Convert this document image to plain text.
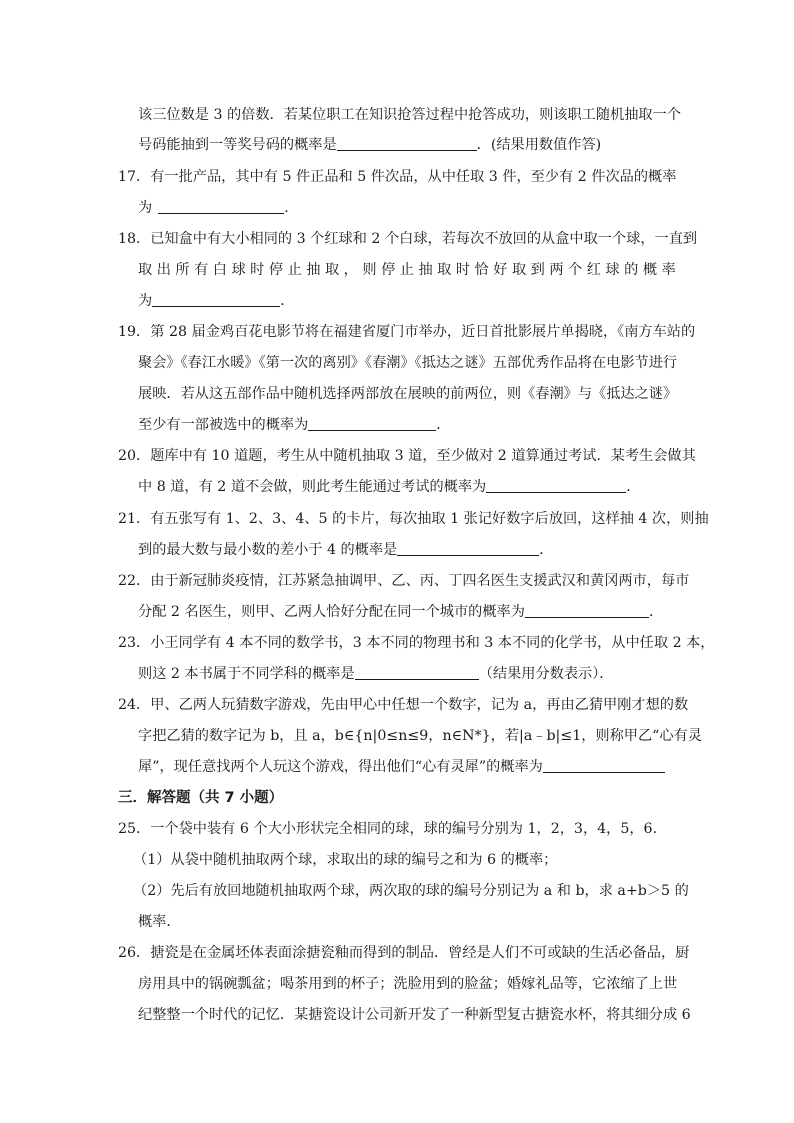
该三位数是 3 的倍数．若某位职工在知识抢答过程中抢答成功，则该职工随机抽取一个
号码能抽到一等奖号码的概率是	．(结果用数值作答)
17．有一批产品，其中有 5 件正品和 5 件次品，从中任取 3 件，至少有 2 件次品的概率
为	．
18．已知盒中有大小相同的 3 个红球和 2 个白球，若每次不放回的从盒中取一个球，一直到
取 出 所 有 白 球 时 停 止 抽 取 ， 则 停 止 抽 取 时 恰 好 取 到 两 个 红 球 的 概 率
为	．
19．第 28 届金鸡百花电影节将在福建省厦门市举办，近日首批影展片单揭晓，《南方车站的
聚会》《春江水暖》《第一次的离别》《春潮》《抵达之谜》五部优秀作品将在电影节进行
展映．若从这五部作品中随机选择两部放在展映的前两位，则《春潮》与《抵达之谜》
至少有一部被选中的概率为	．
20．题库中有 10 道题，考生从中随机抽取 3 道，至少做对 2 道算通过考试．某考生会做其
中 8 道，有 2 道不会做，则此考生能通过考试的概率为	．
21．有五张写有 1、2、3、4、5 的卡片，每次抽取 1 张记好数字后放回，这样抽 4 次，则抽
到的最大数与最小数的差小于 4 的概率是	．
22．由于新冠肺炎疫情，江苏紧急抽调甲、乙、丙、丁四名医生支援武汉和黄冈两市，每市
分配 2 名医生，则甲、乙两人恰好分配在同一个城市的概率为	．
23．小王同学有 4 本不同的数学书，3 本不同的物理书和 3 本不同的化学书，从中任取 2 本，
则这 2 本书属于不同学科的概率是	（结果用分数表示）．
24．甲、乙两人玩猜数字游戏，先由甲心中任想一个数字，记为 a，再由乙猜甲刚才想的数
字把乙猜的数字记为 b，且 a，b∈{n|0≤n≤9，n∈N*}，若|a﹣b|≤1，则称甲乙“心有灵
犀”，现任意找两个人玩这个游戏，得出他们“心有灵犀”的概率为
三．解答题（共 7 小题）
25．一个袋中装有 6 个大小形状完全相同的球，球的编号分别为 1，2，3，4，5，6．
（1）从袋中随机抽取两个球，求取出的球的编号之和为 6 的概率；
（2）先后有放回地随机抽取两个球，两次取的球的编号分别记为 a 和 b，求 a+b＞5 的
概率．
26．搪瓷是在金属坯体表面涂搪瓷釉而得到的制品．曾经是人们不可或缺的生活必备品，厨
房用具中的锅碗瓢盆；喝茶用到的杯子；洗脸用到的脸盆；婚嫁礼品等，它浓缩了上世
纪整整一个时代的记忆．某搪瓷设计公司新开发了一种新型复古搪瓷水杯，将其细分成 6
